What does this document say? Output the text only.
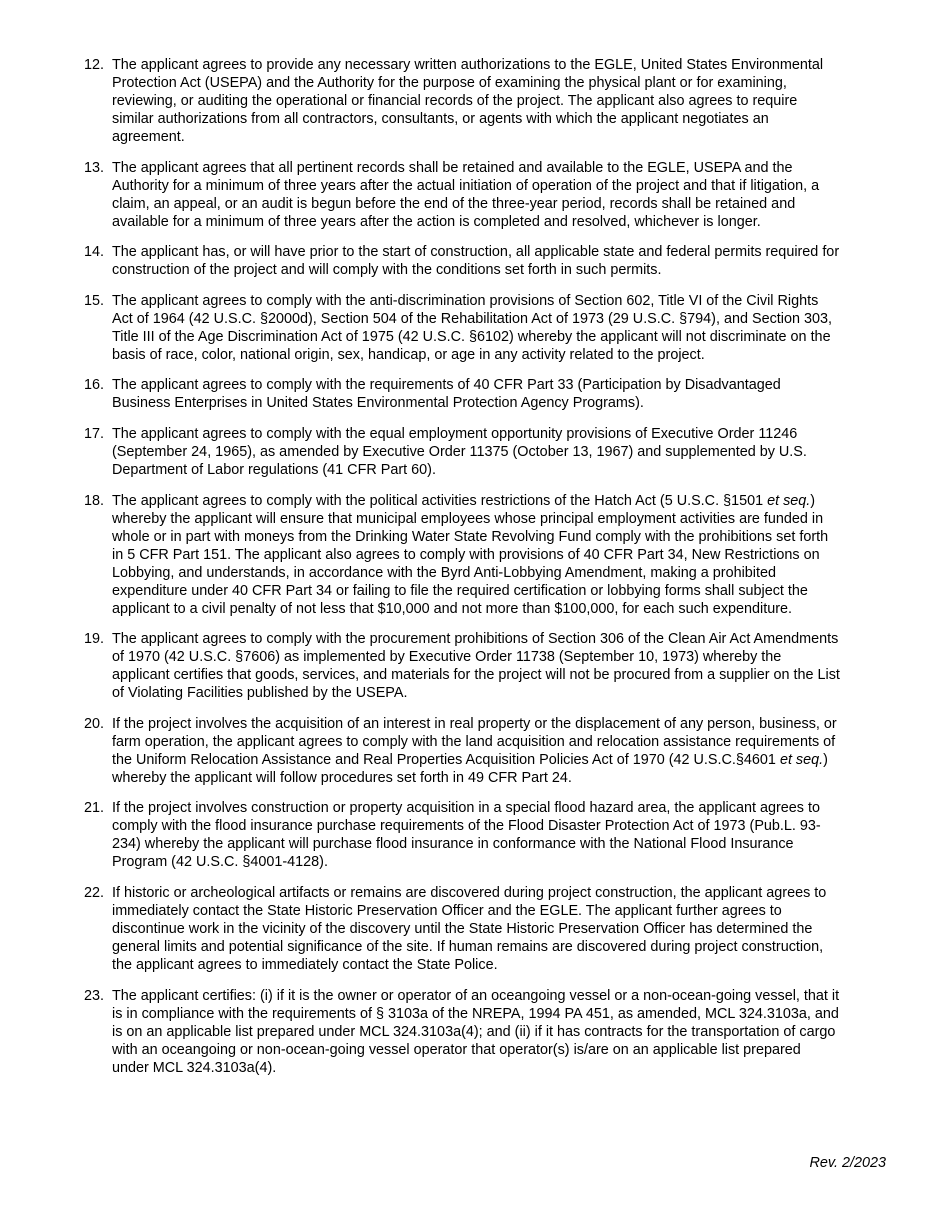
12. The applicant agrees to provide any necessary written authorizations to the EGLE, United States Environmental Protection Act (USEPA) and the Authority for the purpose of examining the physical plant or for examining, reviewing, or auditing the operational or financial records of the project. The applicant also agrees to require similar authorizations from all contractors, consultants, or agents with which the applicant negotiates an agreement.
13. The applicant agrees that all pertinent records shall be retained and available to the EGLE, USEPA and the Authority for a minimum of three years after the actual initiation of operation of the project and that if litigation, a claim, an appeal, or an audit is begun before the end of the three-year period, records shall be retained and available for a minimum of three years after the action is completed and resolved, whichever is longer.
14. The applicant has, or will have prior to the start of construction, all applicable state and federal permits required for construction of the project and will comply with the conditions set forth in such permits.
15. The applicant agrees to comply with the anti-discrimination provisions of Section 602, Title VI of the Civil Rights Act of 1964 (42 U.S.C. §2000d), Section 504 of the Rehabilitation Act of 1973 (29 U.S.C. §794), and Section 303, Title III of the Age Discrimination Act of 1975 (42 U.S.C. §6102) whereby the applicant will not discriminate on the basis of race, color, national origin, sex, handicap, or age in any activity related to the project.
16. The applicant agrees to comply with the requirements of 40 CFR Part 33 (Participation by Disadvantaged Business Enterprises in United States Environmental Protection Agency Programs).
17. The applicant agrees to comply with the equal employment opportunity provisions of Executive Order 11246 (September 24, 1965), as amended by Executive Order 11375 (October 13, 1967) and supplemented by U.S. Department of Labor regulations (41 CFR Part 60).
18. The applicant agrees to comply with the political activities restrictions of the Hatch Act (5 U.S.C. §1501 et seq.) whereby the applicant will ensure that municipal employees whose principal employment activities are funded in whole or in part with moneys from the Drinking Water State Revolving Fund comply with the prohibitions set forth in 5 CFR Part 151. The applicant also agrees to comply with provisions of 40 CFR Part 34, New Restrictions on Lobbying, and understands, in accordance with the Byrd Anti-Lobbying Amendment, making a prohibited expenditure under 40 CFR Part 34 or failing to file the required certification or lobbying forms shall subject the applicant to a civil penalty of not less that $10,000 and not more than $100,000, for each such expenditure.
19. The applicant agrees to comply with the procurement prohibitions of Section 306 of the Clean Air Act Amendments of 1970 (42 U.S.C. §7606) as implemented by Executive Order 11738 (September 10, 1973) whereby the applicant certifies that goods, services, and materials for the project will not be procured from a supplier on the List of Violating Facilities published by the USEPA.
20. If the project involves the acquisition of an interest in real property or the displacement of any person, business, or farm operation, the applicant agrees to comply with the land acquisition and relocation assistance requirements of the Uniform Relocation Assistance and Real Properties Acquisition Policies Act of 1970 (42 U.S.C.§4601 et seq.) whereby the applicant will follow procedures set forth in 49 CFR Part 24.
21. If the project involves construction or property acquisition in a special flood hazard area, the applicant agrees to comply with the flood insurance purchase requirements of the Flood Disaster Protection Act of 1973 (Pub.L. 93-234) whereby the applicant will purchase flood insurance in conformance with the National Flood Insurance Program (42 U.S.C. §4001-4128).
22. If historic or archeological artifacts or remains are discovered during project construction, the applicant agrees to immediately contact the State Historic Preservation Officer and the EGLE. The applicant further agrees to discontinue work in the vicinity of the discovery until the State Historic Preservation Officer has determined the general limits and potential significance of the site. If human remains are discovered during project construction, the applicant agrees to immediately contact the State Police.
23. The applicant certifies: (i) if it is the owner or operator of an oceangoing vessel or a non-ocean-going vessel, that it is in compliance with the requirements of § 3103a of the NREPA, 1994 PA 451, as amended, MCL 324.3103a, and is on an applicable list prepared under MCL 324.3103a(4); and (ii) if it has contracts for the transportation of cargo with an oceangoing or non-ocean-going vessel operator that operator(s) is/are on an applicable list prepared under MCL 324.3103a(4).
Rev. 2/2023
